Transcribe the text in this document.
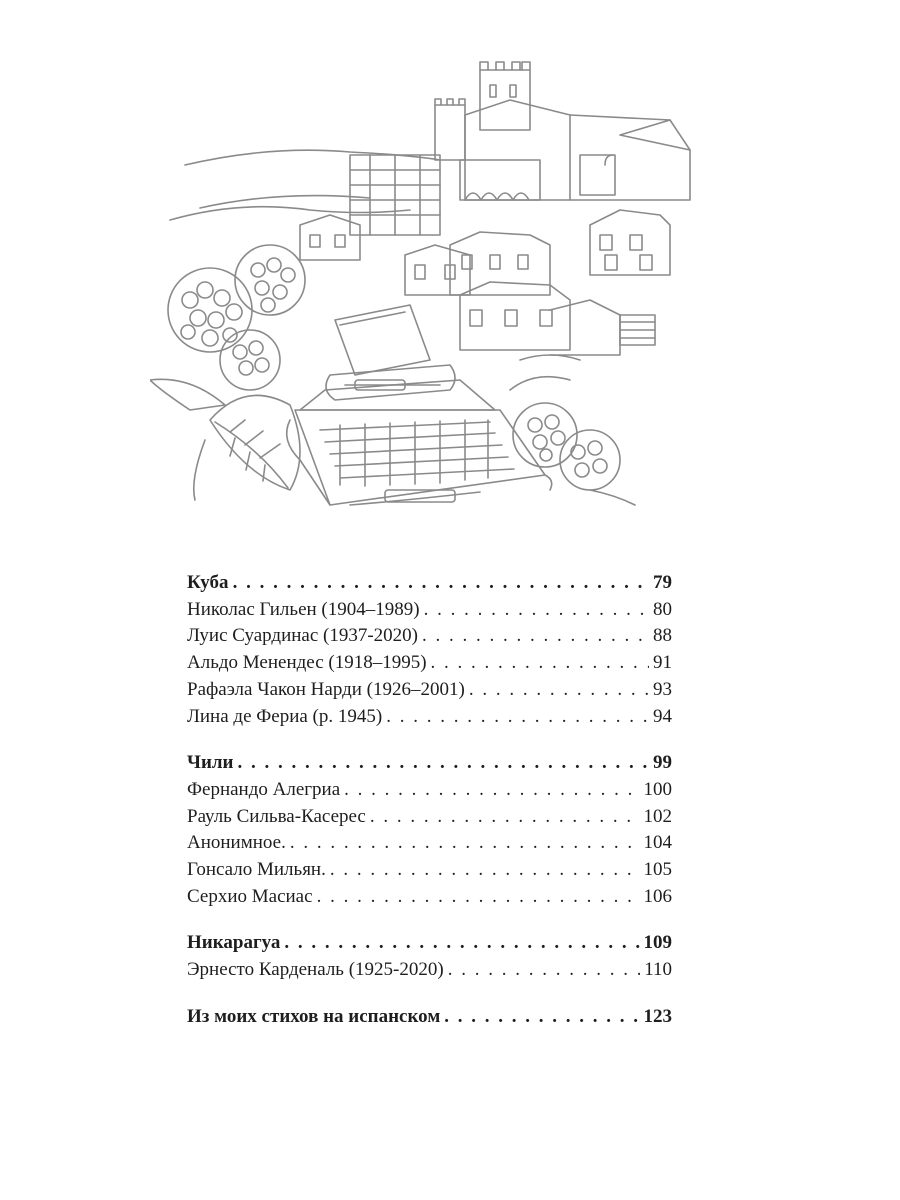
Куба . . .	79
Николас Гильен (1904–1989) . . .	80
Луис Суардинас (1937-2020) . . .	88
Альдо Менендес (1918–1995) . . .	91
Рафаэла Чакон Нарди (1926–2001) . . .	93
Лина де Фериа (р. 1945) . . .	94
Чили . . .	99
Фернандо Алегриа . . .	100
Рауль Сильва-Касерес . . .	102
Анонимное. . . .	104
Гонсало Мильян. . . .	105
Серхио Масиас . . .	106
Никарагуа . . .	109
Эрнесто Карденаль (1925-2020) . . .	110
Из моих стихов на испанском . . .	123
